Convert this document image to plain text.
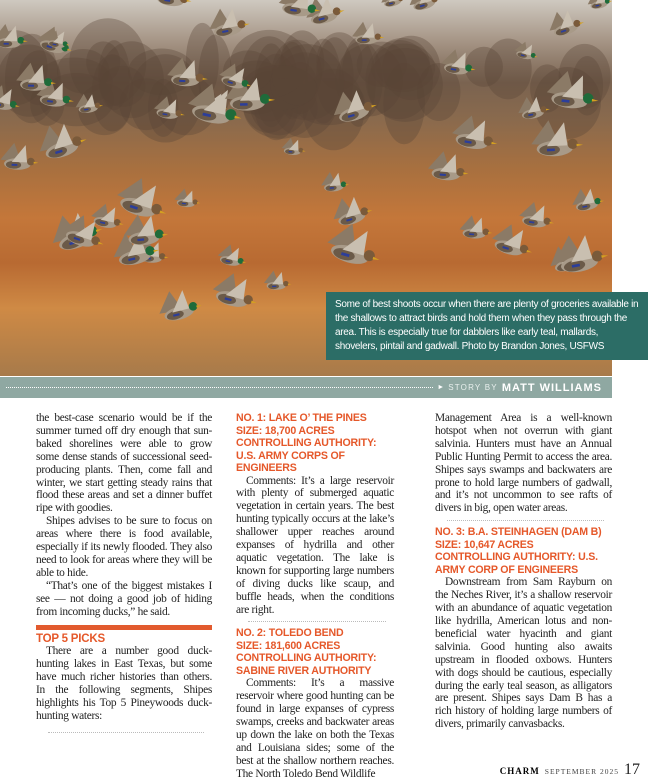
Some of best shoots occur when there are plenty of groceries available in the shallows to attract birds and hold them when they pass through the area. This is especially true for dabblers like early teal, mallards, shovelers, pintail and gadwall. Photo by Brandon Jones, USFWS
► STORY BY MATT WILLIAMS

the best-case scenario would be if the summer turned off dry enough that sun-baked shorelines were able to grow some dense stands of successional seed-producing plants. Then, come fall and winter, we start getting steady rains that flood these areas and set a dinner buffet ripe with goodies.

Shipes advises to be sure to focus on areas where there is food available, especially if its newly flooded. They also need to look for areas where they will be able to hide.

“That’s one of the biggest mistakes I see — not doing a good job of hiding from incoming ducks,” he said.

TOP 5 PICKS

There are a number good duck-hunting lakes in East Texas, but some have much richer histories than others. In the following segments, Shipes highlights his Top 5 Pineywoods duck-hunting waters:

NO. 1: LAKE O’ THE PINES
SIZE: 18,700 ACRES
CONTROLLING AUTHORITY: U.S. ARMY CORPS OF ENGINEERS

Comments: It’s a large reservoir with plenty of submerged aquatic vegetation in certain years. The best hunting typically occurs at the lake’s shallower upper reaches around expanses of hydrilla and other aquatic vegetation. The lake is known for supporting large numbers of diving ducks like scaup, and buffle heads, when the conditions are right.

NO. 2: TOLEDO BEND
SIZE: 181,600 ACRES
CONTROLLING AUTHORITY: SABINE RIVER AUTHORITY

Comments: It’s a massive reservoir where good hunting can be found in large expanses of cypress swamps, creeks and backwater areas up down the lake on both the Texas and Louisiana sides; some of the best at the shallow northern reaches. The North Toledo Bend Wildlife

Management Area is a well-known hotspot when not overrun with giant salvinia. Hunters must have an Annual Public Hunting Permit to access the area. Shipes says swamps and backwaters are prone to hold large numbers of gadwall, and it’s not uncommon to see rafts of divers in big, open water areas.

NO. 3: B.A. STEINHAGEN (DAM B)
SIZE: 10,647 ACRES
CONTROLLING AUTHORITY: U.S. ARMY CORP OF ENGINEERS

Downstream from Sam Rayburn on the Neches River, it’s a shallow reservoir with an abundance of aquatic vegetation like hydrilla, American lotus and non-beneficial water hyacinth and giant salvinia. Good hunting also awaits upstream in flooded oxbows. Hunters with dogs should be cautious, especially during the early teal season, as alligators are present. Shipes says Dam B has a rich history of holding large numbers of divers, primarily canvasbacks.

CHARM SEPTEMBER 2025 17
